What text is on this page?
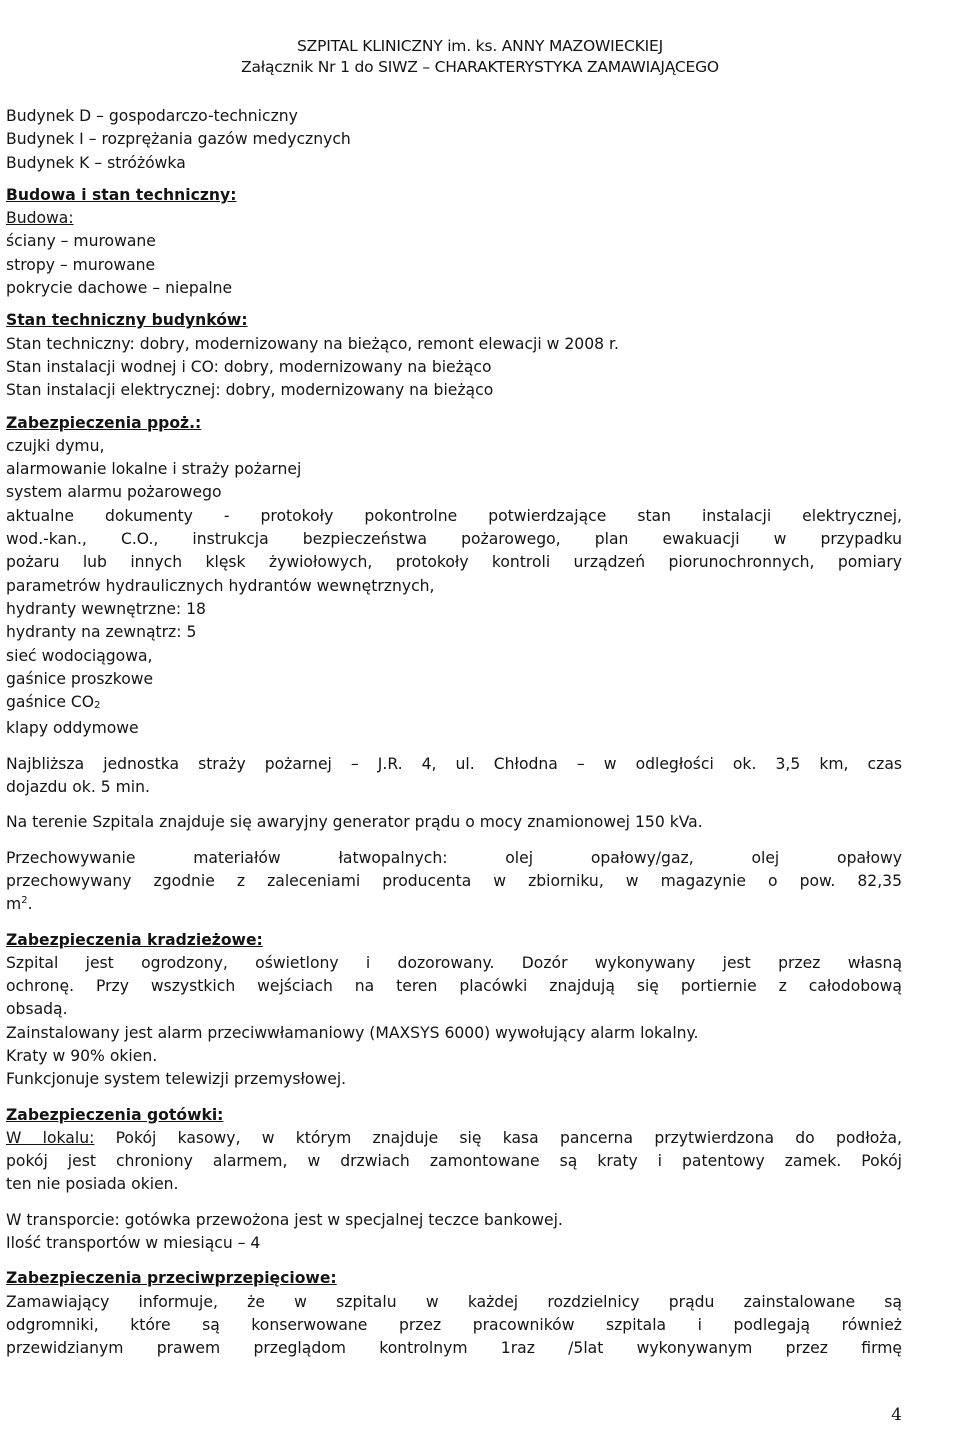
SZPITAL KLINICZNY im. ks. ANNY MAZOWIECKIEJ
Załącznik Nr 1 do SIWZ – CHARAKTERYSTYKA ZAMAWIAJĄCEGO
Budynek D – gospodarczo-techniczny
Budynek I – rozprężania gazów medycznych
Budynek K – stróżówka
Budowa i stan techniczny:
Budowa:
ściany – murowane
stropy – murowane
pokrycie dachowe – niepalne
Stan techniczny budynków:
Stan techniczny: dobry, modernizowany na bieżąco, remont elewacji w 2008 r.
Stan instalacji wodnej i CO: dobry, modernizowany na bieżąco
Stan instalacji elektrycznej: dobry, modernizowany na bieżąco
Zabezpieczenia ppoż.:
czujki dymu,
alarmowanie lokalne i straży pożarnej
system alarmu pożarowego
aktualne dokumenty - protokoły pokontrolne potwierdzające stan instalacji elektrycznej,
wod.-kan., C.O., instrukcja bezpieczeństwa pożarowego, plan ewakuacji w przypadku
pożaru lub innych klęsk żywiołowych, protokoły kontroli urządzeń piorunochronnych, pomiary
parametrów hydraulicznych hydrantów wewnętrznych,
hydranty wewnętrzne: 18
hydranty na zewnątrz: 5
sieć wodociągowa,
gaśnice proszkowe
gaśnice $CO_2$
klapy oddymowe
Najbliższa jednostka straży pożarnej – J.R. 4, ul. Chłodna – w odległości ok. 3,5 km, czas
dojazdu ok. 5 min.
Na terenie Szpitala znajduje się awaryjny generator prądu o mocy znamionowej 150 kVa.
Przechowywanie materiałów łatwopalnych: olej opałowy/gaz, olej opałowy
przechowywany zgodnie z zaleceniami producenta w zbiorniku, w magazynie o pow. 82,35
$m^2$.
Zabezpieczenia kradzieżowe:
Szpital jest ogrodzony, oświetlony i dozorowany. Dozór wykonywany jest przez własną
ochronę. Przy wszystkich wejściach na teren placówki znajdują się portiernie z całodobową
obsadą.
Zainstalowany jest alarm przeciwwłamaniowy (MAXSYS 6000) wywołujący alarm lokalny.
Kraty w 90% okien.
Funkcjonuje system telewizji przemysłowej.
Zabezpieczenia gotówki:
W lokalu: Pokój kasowy, w którym znajduje się kasa pancerna przytwierdzona do podłoża,
pokój jest chroniony alarmem, w drzwiach zamontowane są kraty i patentowy zamek. Pokój
ten nie posiada okien.
W transporcie: gotówka przewożona jest w specjalnej teczce bankowej.
Ilość transportów w miesiącu – 4
Zabezpieczenia przeciwprzepięciowe:
Zamawiający informuje, że w szpitalu w każdej rozdzielnicy prądu zainstalowane są
odgromniki, które są konserwowane przez pracowników szpitala i podlegają również
przewidzianym prawem przeglądom kontrolnym 1raz /5lat wykonywanym przez firmę
4
